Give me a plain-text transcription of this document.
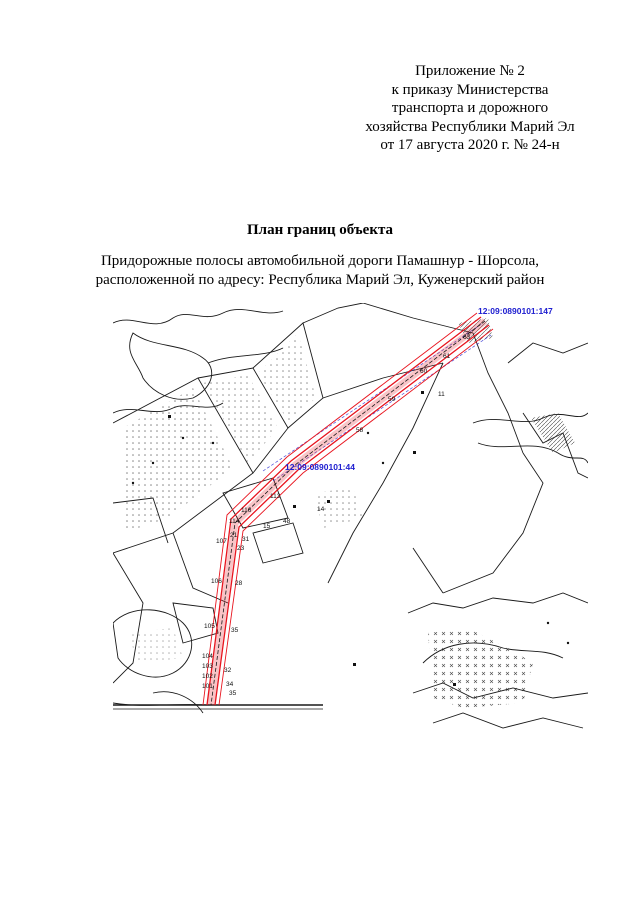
Приложение № 2
к приказу Министерства
транспорта и дорожного
хозяйства Республики Марий Эл
от 17 августа 2020 г. № 24-н
План границ объекта
Придорожные полосы автомобильной дороги Памашнур - Шорсола,
расположенной по адресу: Республика Марий Эл, Куженерский район
12:09:0890101:147
12:09:0890101:44
63
61
60
59
58
11
14
48
15
113
116
114
107
21
23
31
106 28
105
35
104
103
102
32
101 34
35
